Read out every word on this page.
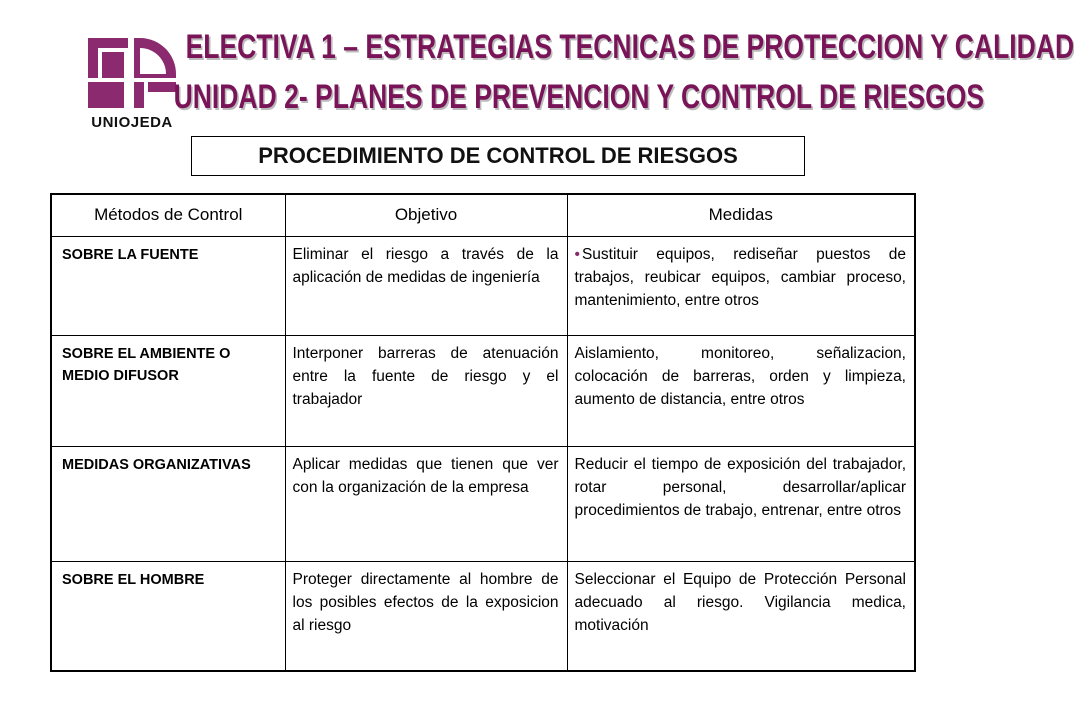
UNIOJEDA
ELECTIVA 1 – ESTRATEGIAS TECNICAS DE PROTECCION Y CALIDAD
UNIDAD 2- PLANES DE PREVENCION Y CONTROL DE RIESGOS
PROCEDIMIENTO DE CONTROL DE RIESGOS
Métodos de Control	Objetivo	Medidas
SOBRE LA FUENTE	Eliminar el riesgo a través de la aplicación de medidas de ingeniería	• Sustituir equipos, rediseñar puestos de trabajos, reubicar equipos, cambiar proceso, mantenimiento, entre otros
SOBRE EL AMBIENTE O MEDIO DIFUSOR	Interponer barreras de atenuación entre la fuente de riesgo y el trabajador	Aislamiento, monitoreo, señalizacion, colocación de barreras, orden y limpieza, aumento de distancia, entre otros
MEDIDAS ORGANIZATIVAS	Aplicar medidas que tienen que ver con la organización de la empresa	Reducir el tiempo de exposición del trabajador, rotar personal, desarrollar/aplicar procedimientos de trabajo, entrenar, entre otros
SOBRE EL HOMBRE	Proteger directamente al hombre de los posibles efectos de la exposicion al riesgo	Seleccionar el Equipo de Protección Personal adecuado al riesgo. Vigilancia medica, motivación
